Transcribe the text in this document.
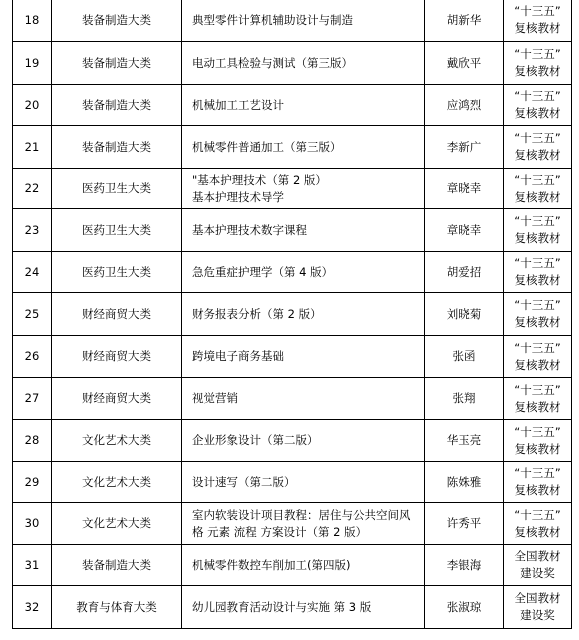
18	装备制造大类	典型零件计算机辅助设计与制造	胡新华	“十三五”
复核教材

19	装备制造大类	电动工具检验与测试（第三版）	戴欣平	“十三五”
复核教材

20	装备制造大类	机械加工工艺设计	应鸿烈	“十三五”
复核教材

21	装备制造大类	机械零件普通加工（第三版）	李新广	“十三五”
复核教材

22	医药卫生大类	"基本护理技术（第 2 版）
基本护理技术导学	章晓幸	“十三五”
复核教材

23	医药卫生大类	基本护理技术数字课程	章晓幸	“十三五”
复核教材

24	医药卫生大类	急危重症护理学（第 4 版）	胡爱招	“十三五”
复核教材

25	财经商贸大类	财务报表分析（第 2 版）	刘晓菊	“十三五”
复核教材

26	财经商贸大类	跨境电子商务基础	张函	“十三五”
复核教材

27	财经商贸大类	视觉营销	张翔	“十三五”
复核教材

28	文化艺术大类	企业形象设计（第二版）	华玉亮	“十三五”
复核教材

29	文化艺术大类	设计速写（第二版）	陈姝雅	“十三五”
复核教材

30	文化艺术大类	室内软装设计项目教程：居住与公共空间风
格 元素 流程 方案设计（第 2 版）	许秀平	“十三五”
复核教材

31	装备制造大类	机械零件数控车削加工(第四版)	李银海	全国教材
建设奖

32	教育与体育大类	幼儿园教育活动设计与实施 第 3 版	张淑琼	全国教材
建设奖
